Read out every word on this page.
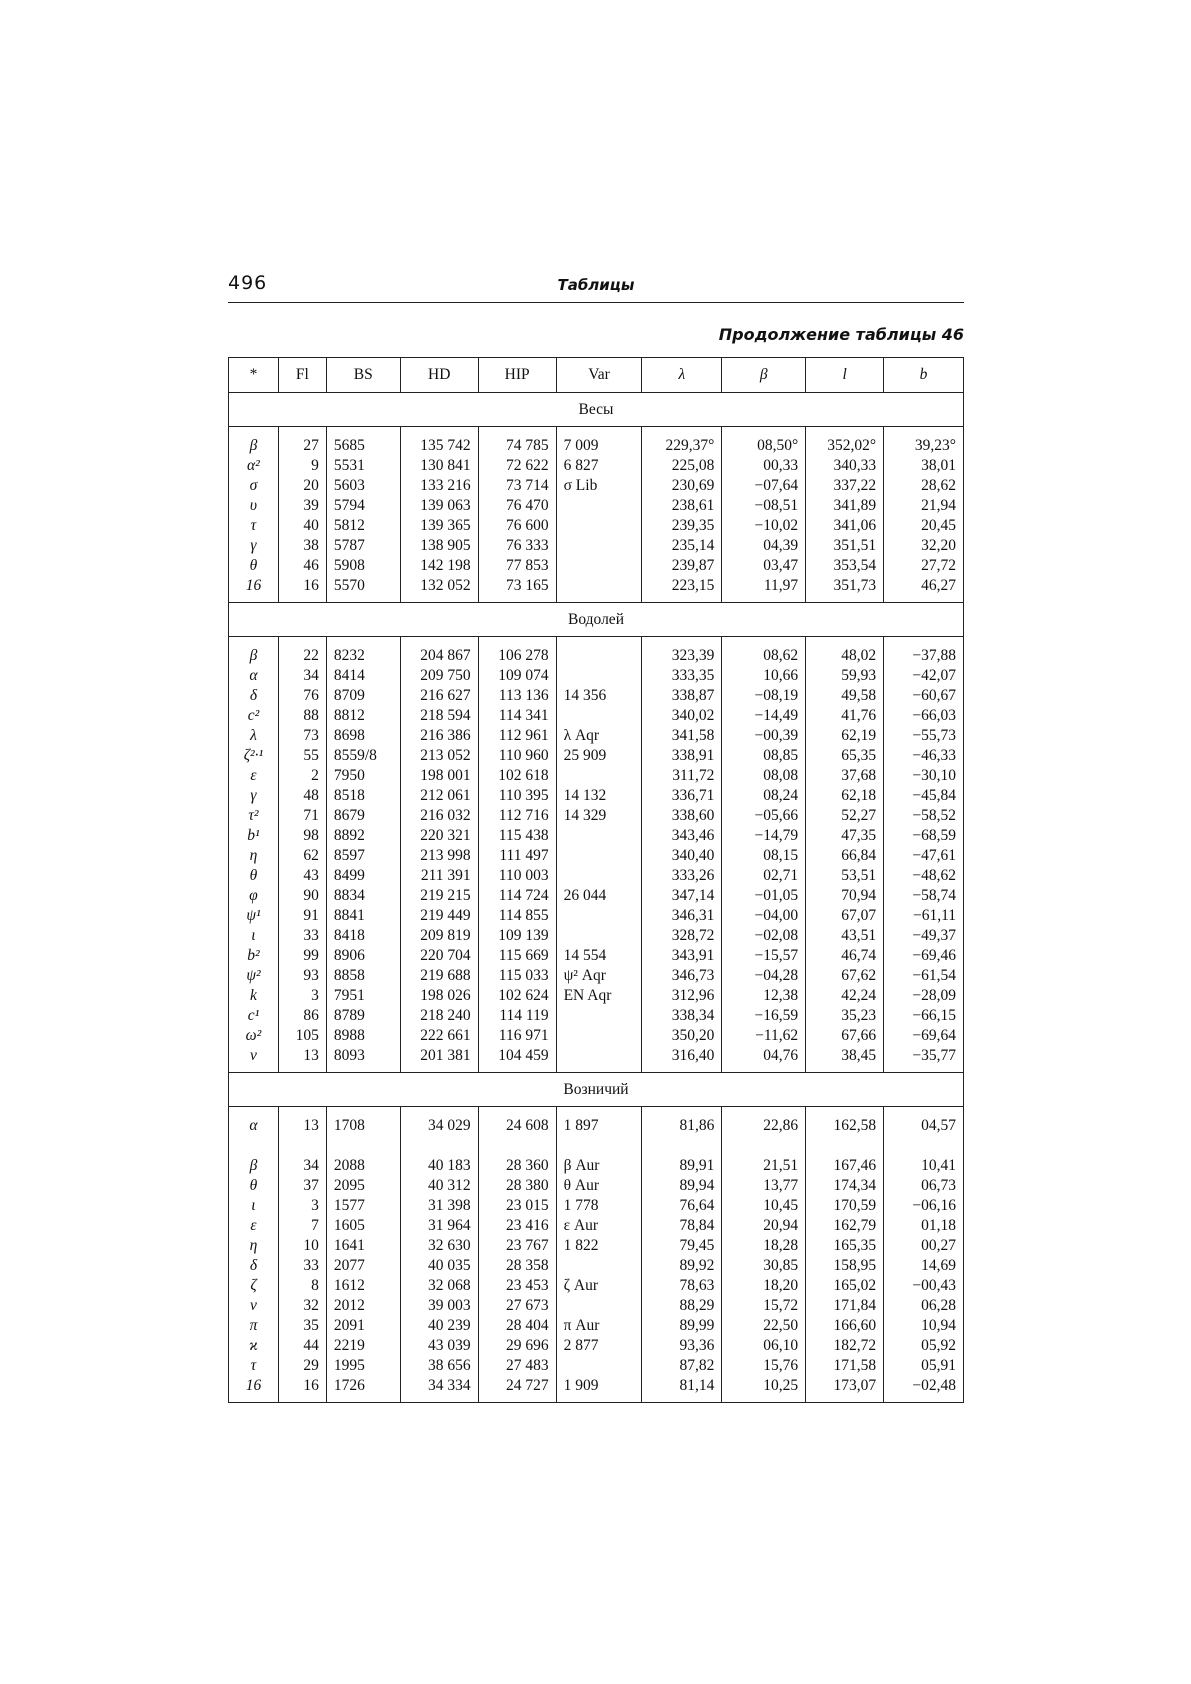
496	Таблицы
Продолжение таблицы 46
*	Fl	BS	HD	HIP	Var	λ	β	l	b
Весы									
β	27	5685	135 742	74 785	7 009	229,37°	08,50°	352,02°	39,23°
α²	9	5531	130 841	72 622	6 827	225,08	00,33	340,33	38,01
σ	20	5603	133 216	73 714	σ Lib	230,69	−07,64	337,22	28,62
υ	39	5794	139 063	76 470		238,61	−08,51	341,89	21,94
τ	40	5812	139 365	76 600		239,35	−10,02	341,06	20,45
γ	38	5787	138 905	76 333		235,14	04,39	351,51	32,20
θ	46	5908	142 198	77 853		239,87	03,47	353,54	27,72
16	16	5570	132 052	73 165		223,15	11,97	351,73	46,27
Водолей									
β	22	8232	204 867	106 278		323,39	08,62	48,02	−37,88
α	34	8414	209 750	109 074		333,35	10,66	59,93	−42,07
δ	76	8709	216 627	113 136	14 356	338,87	−08,19	49,58	−60,67
c²	88	8812	218 594	114 341		340,02	−14,49	41,76	−66,03
λ	73	8698	216 386	112 961	λ Aqr	341,58	−00,39	62,19	−55,73
ζ²·¹	55	8559/8	213 052	110 960	25 909	338,91	08,85	65,35	−46,33
ε	2	7950	198 001	102 618		311,72	08,08	37,68	−30,10
γ	48	8518	212 061	110 395	14 132	336,71	08,24	62,18	−45,84
τ²	71	8679	216 032	112 716	14 329	338,60	−05,66	52,27	−58,52
b¹	98	8892	220 321	115 438		343,46	−14,79	47,35	−68,59
η	62	8597	213 998	111 497		340,40	08,15	66,84	−47,61
θ	43	8499	211 391	110 003		333,26	02,71	53,51	−48,62
φ	90	8834	219 215	114 724	26 044	347,14	−01,05	70,94	−58,74
ψ¹	91	8841	219 449	114 855		346,31	−04,00	67,07	−61,11
ι	33	8418	209 819	109 139		328,72	−02,08	43,51	−49,37
b²	99	8906	220 704	115 669	14 554	343,91	−15,57	46,74	−69,46
ψ²	93	8858	219 688	115 033	ψ² Aqr	346,73	−04,28	67,62	−61,54
k	3	7951	198 026	102 624	EN Aqr	312,96	12,38	42,24	−28,09
c¹	86	8789	218 240	114 119		338,34	−16,59	35,23	−66,15
ω²	105	8988	222 661	116 971		350,20	−11,62	67,66	−69,64
ν	13	8093	201 381	104 459		316,40	04,76	38,45	−35,77
Возничий									
α	13	1708	34 029	24 608	1 897	81,86	22,86	162,58	04,57
β	34	2088	40 183	28 360	β Aur	89,91	21,51	167,46	10,41
θ	37	2095	40 312	28 380	θ Aur	89,94	13,77	174,34	06,73
ι	3	1577	31 398	23 015	1 778	76,64	10,45	170,59	−06,16
ε	7	1605	31 964	23 416	ε Aur	78,84	20,94	162,79	01,18
η	10	1641	32 630	23 767	1 822	79,45	18,28	165,35	00,27
δ	33	2077	40 035	28 358		89,92	30,85	158,95	14,69
ζ	8	1612	32 068	23 453	ζ Aur	78,63	18,20	165,02	−00,43
ν	32	2012	39 003	27 673		88,29	15,72	171,84	06,28
π	35	2091	40 239	28 404	π Aur	89,99	22,50	166,60	10,94
ϰ	44	2219	43 039	29 696	2 877	93,36	06,10	182,72	05,92
τ	29	1995	38 656	27 483		87,82	15,76	171,58	05,91
16	16	1726	34 334	24 727	1 909	81,14	10,25	173,07	−02,48
